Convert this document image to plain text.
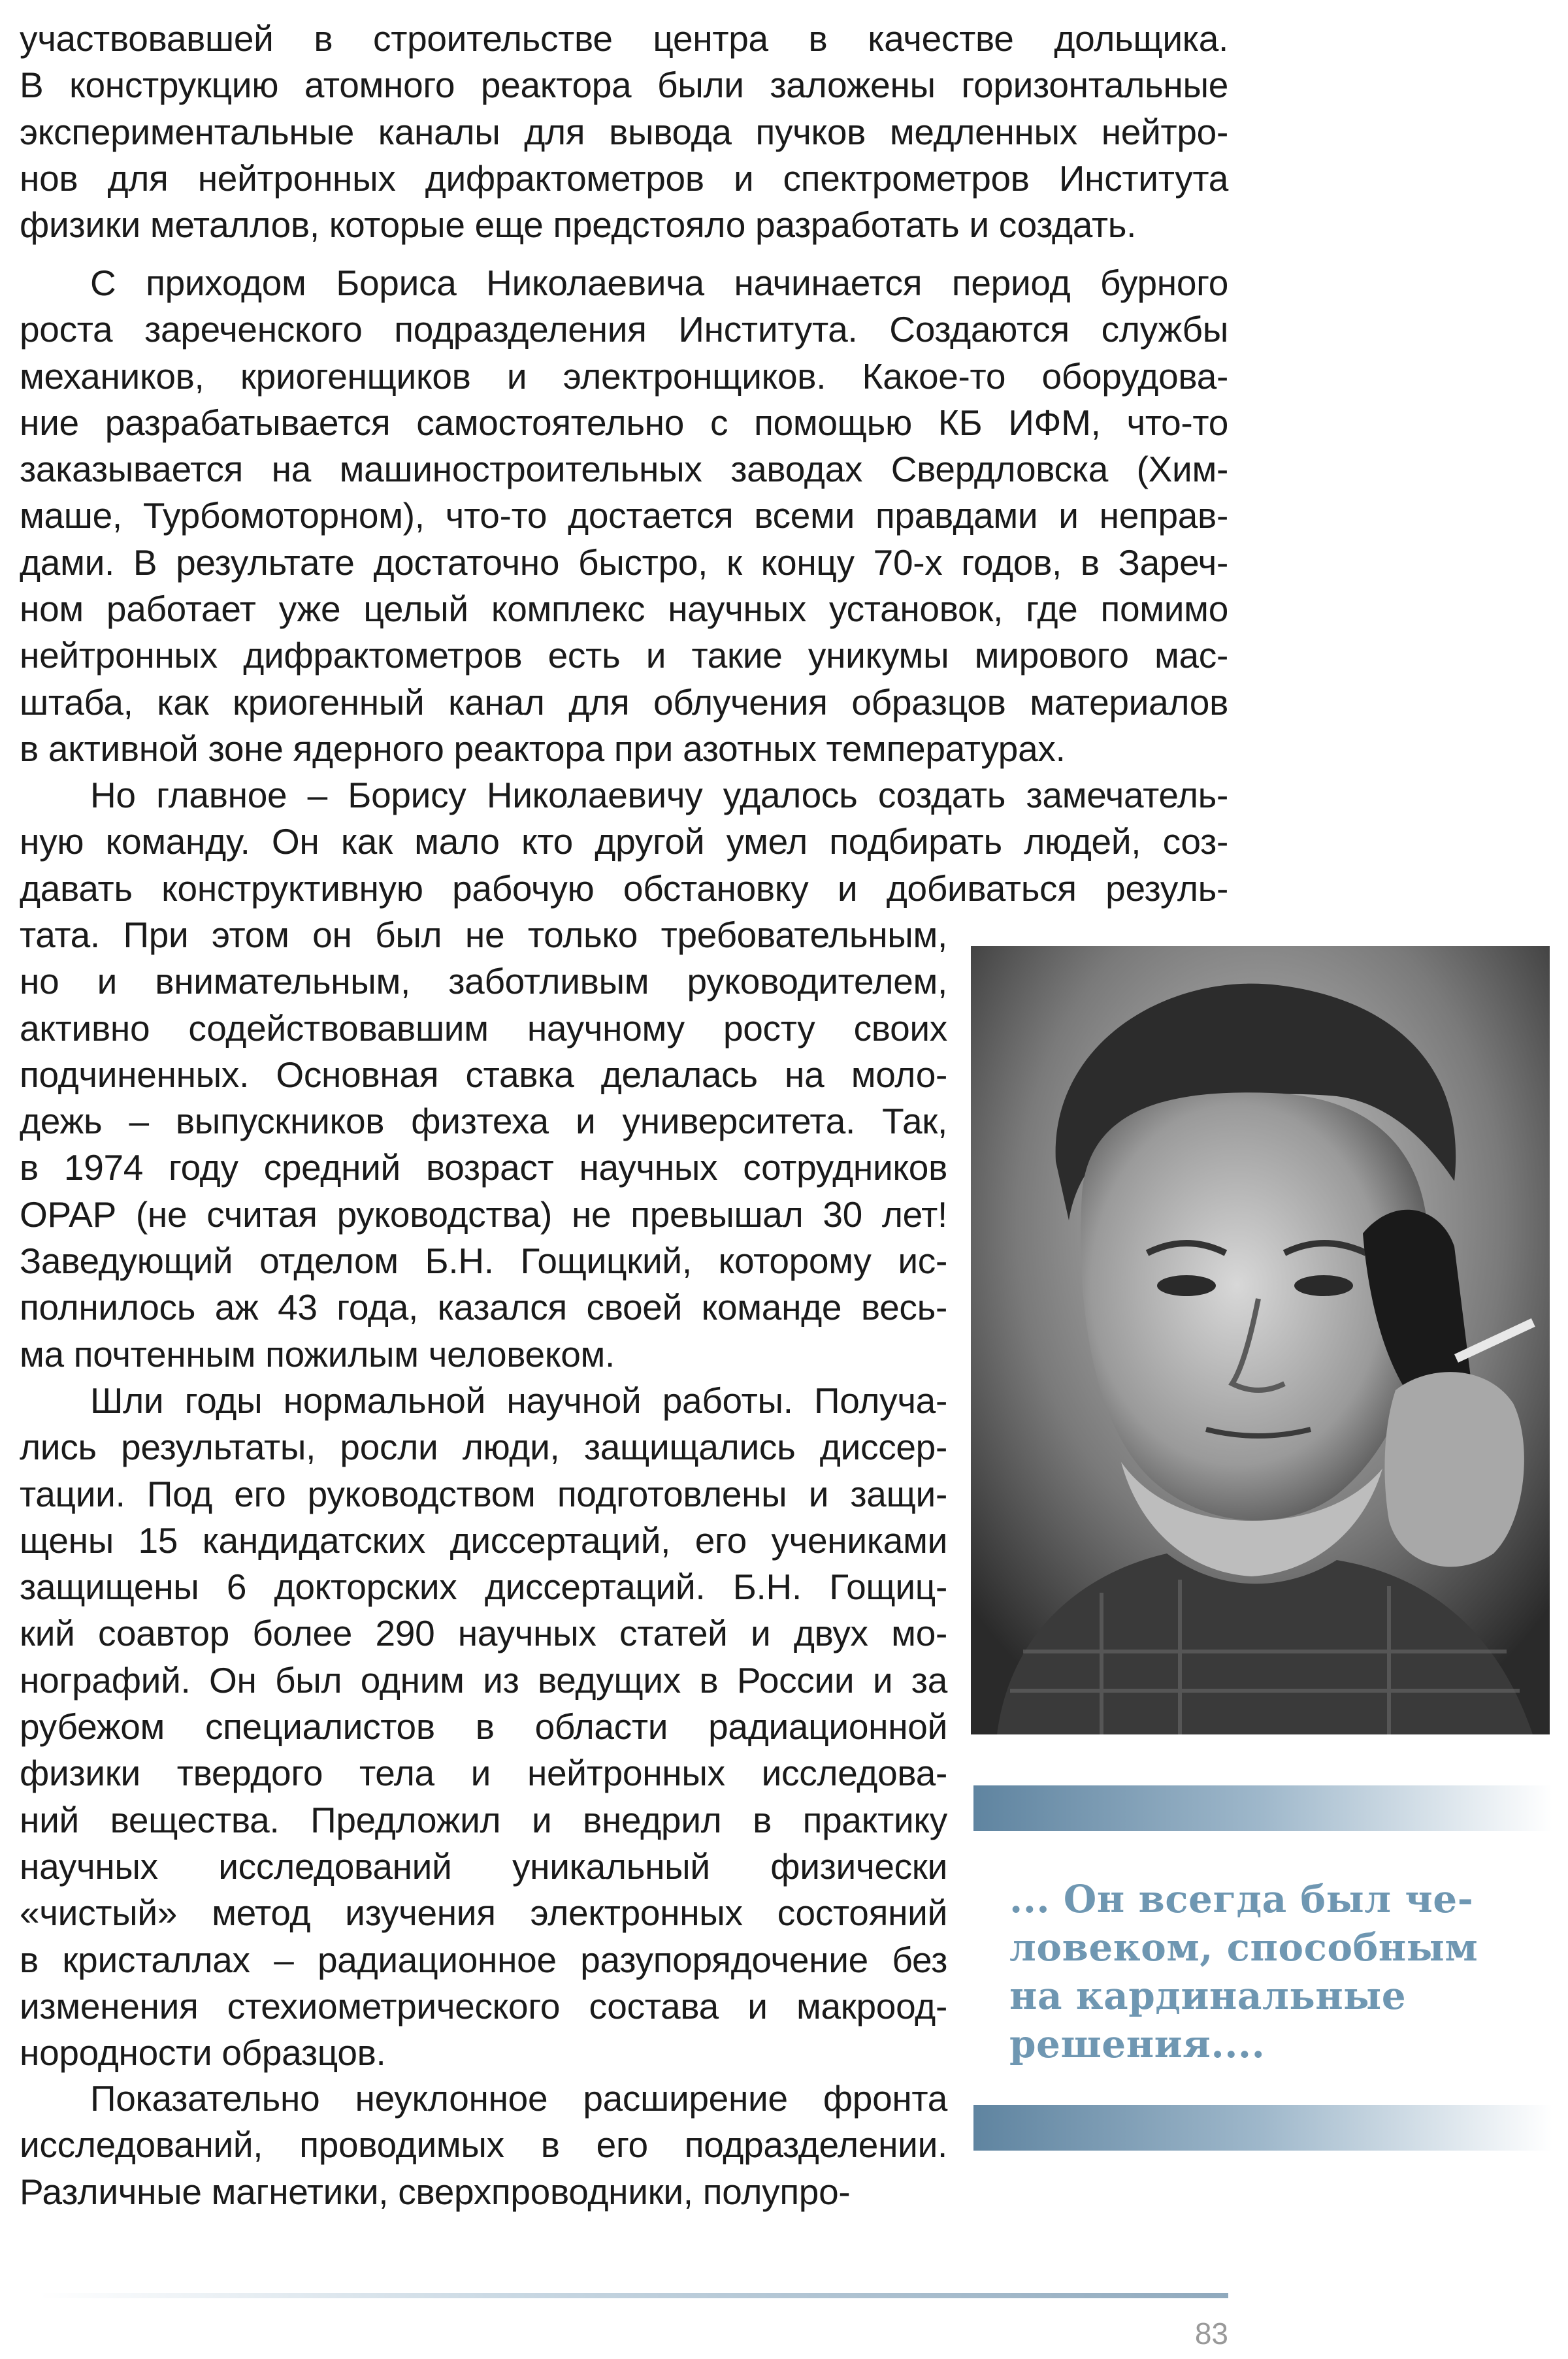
участвовавшей в строительстве центра в качестве дольщика.
В конструкцию атомного реактора были заложены горизонтальные
экспериментальные каналы для вывода пучков медленных нейтро-
нов для нейтронных дифрактометров и спектрометров Института
физики металлов, которые еще предстояло разработать и создать.
С приходом Бориса Николаевича начинается период бурного
роста зареченского подразделения Института. Создаются службы
механиков, криогенщиков и электронщиков. Какое-то оборудова-
ние разрабатывается самостоятельно с помощью КБ ИФМ, что-то
заказывается на машиностроительных заводах Свердловска (Хим-
маше, Турбомоторном), что-то достается всеми правдами и неправ-
дами. В результате достаточно быстро, к концу 70-х годов, в Зареч-
ном работает уже целый комплекс научных установок, где помимо
нейтронных дифрактометров есть и такие уникумы мирового мас-
штаба, как криогенный канал для облучения образцов материалов
в активной зоне ядерного реактора при азотных температурах.
Но главное – Борису Николаевичу удалось создать замечатель-
ную команду. Он как мало кто другой умел подбирать людей, соз-
давать конструктивную рабочую обстановку и добиваться резуль-
тата. При этом он был не только требовательным,
но и внимательным, заботливым руководителем,
активно содействовавшим научному росту своих
подчиненных. Основная ставка делалась на моло-
дежь – выпускников физтеха и университета. Так,
в 1974 году средний возраст научных сотрудников
ОРАР (не считая руководства) не превышал 30 лет!
Заведующий отделом Б.Н. Гощицкий, которому ис-
полнилось аж 43 года, казался своей команде весь-
ма почтенным пожилым человеком.
Шли годы нормальной научной работы. Получа-
лись результаты, росли люди, защищались диссер-
тации. Под его руководством подготовлены и защи-
щены 15 кандидатских диссертаций, его учениками
защищены 6 докторских диссертаций. Б.Н. Гощиц-
кий соавтор более 290 научных статей и двух мо-
нографий. Он был одним из ведущих в России и за
рубежом специалистов в области радиационной
физики твердого тела и нейтронных исследова-
ний вещества. Предложил и внедрил в практику
научных исследований уникальный физически
«чистый» метод изучения электронных состояний
в кристаллах – радиационное разупорядочение без
изменения стехиометрического состава и макроод-
нородности образцов.
Показательно неуклонное расширение фронта
исследований, проводимых в его подразделении.
Различные магнетики, сверхпроводники, полупро-
... Он всегда был че-
ловеком, способным
на кардинальные
решения....
83
